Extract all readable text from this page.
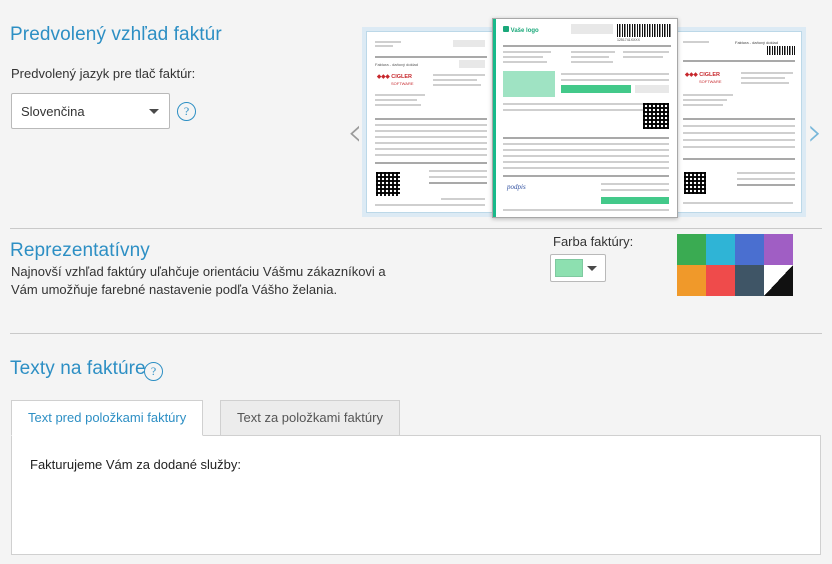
Predvolený vzhľad faktúr
Predvolený jazyk pre tlač faktúr:
Slovenčina	?	‹	›
Faktura - daňový doklad
◆◆◆ CIGLER
SOFTWARE
Vaše logo
1251741XXXX
podpis
Faktura - daňový doklad
◆◆◆ CIGLER
SOFTWARE
Reprezentatívny
Najnovší vzhľad faktúry uľahčuje orientáciu Vášmu zákazníkovi a Vám umožňuje farebné nastavenie podľa Vášho želania.
Farba faktúry:
Texty na faktúre ?
Text pred položkami faktúry	Text za položkami faktúry
Fakturujeme Vám za dodané služby:
